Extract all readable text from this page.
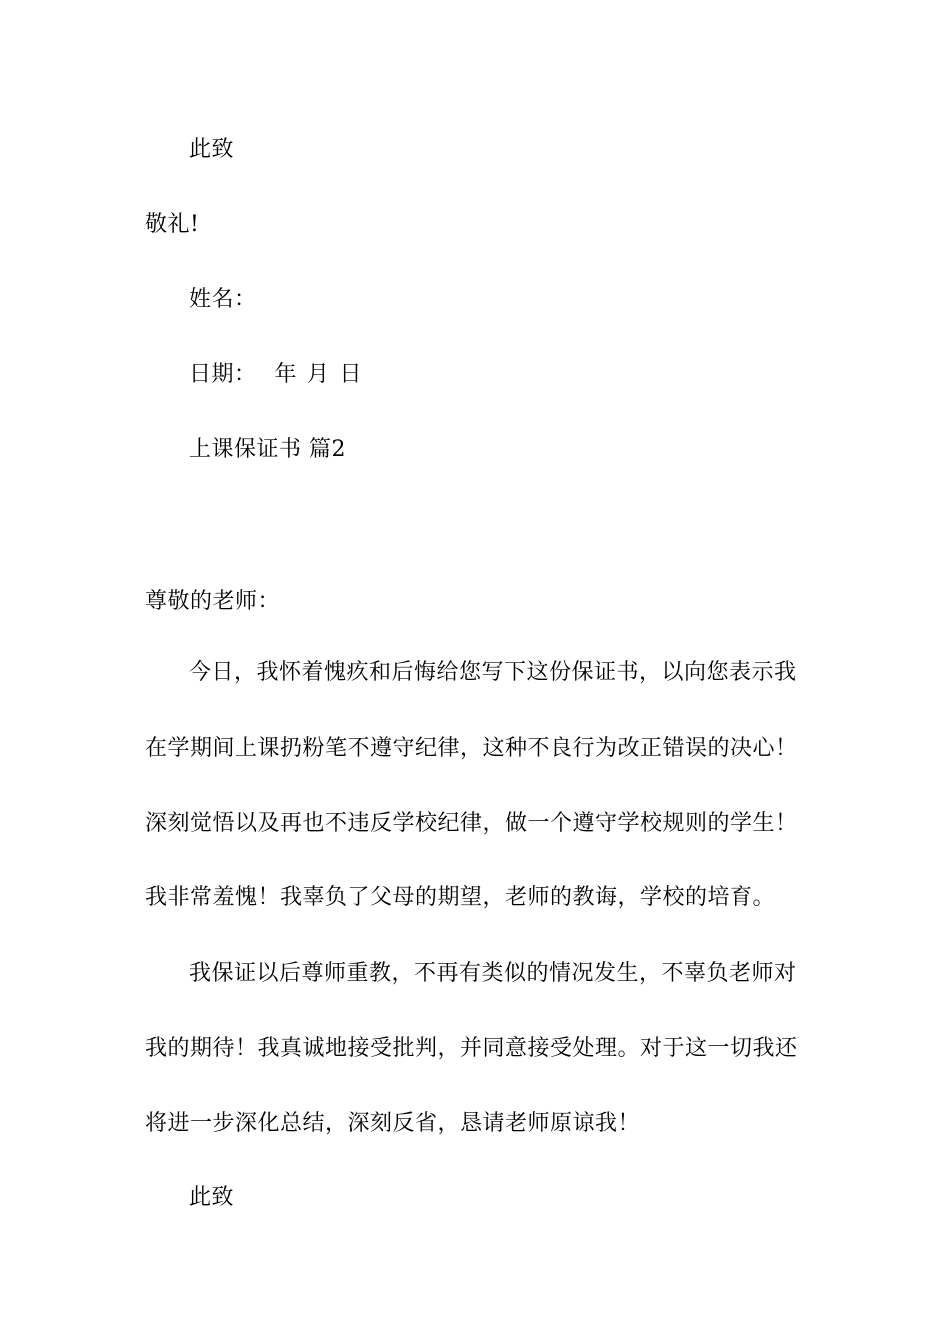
此致

敬礼!

姓名：

日期： 年 月 日

上课保证书 篇2

尊敬的老师：

今日，我怀着愧疚和后悔给您写下这份保证书，以向您表示我

在学期间上课扔粉笔不遵守纪律，这种不良行为改正错误的决心！

深刻觉悟以及再也不违反学校纪律，做一个遵守学校规则的学生！

我非常羞愧！我辜负了父母的期望，老师的教诲，学校的培育。

我保证以后尊师重教，不再有类似的情况发生，不辜负老师对

我的期待！我真诚地接受批判，并同意接受处理。对于这一切我还

将进一步深化总结，深刻反省，恳请老师原谅我！

此致
